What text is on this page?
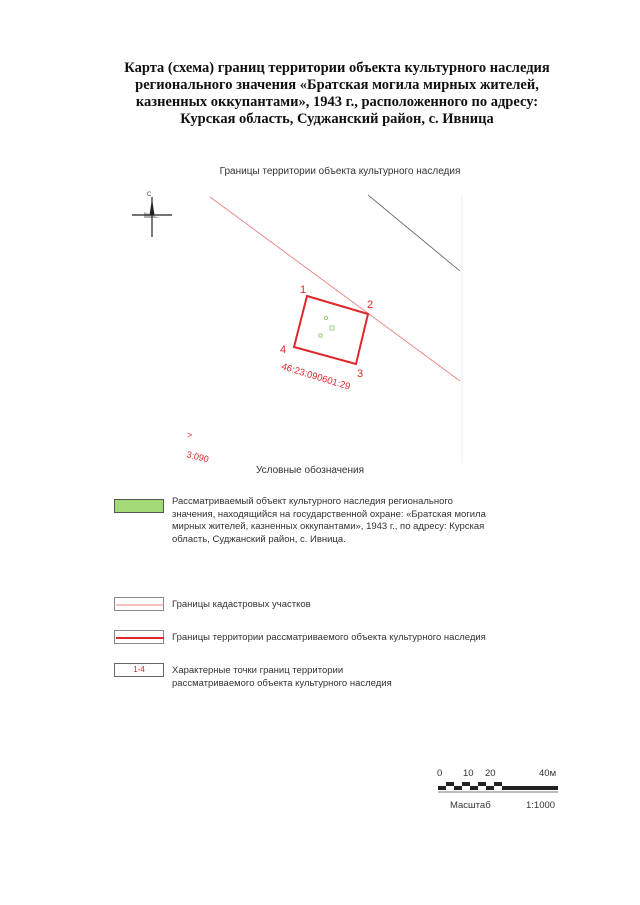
Карта (схема) границ территории объекта культурного наследия
регионального значения «Братская могила мирных жителей,
казненных оккупантами», 1943 г., расположенного по адресу:
Курская область, Суджанский район, с. Ивница
Границы территории объекта культурного наследия
С
1
2
3
4
46:23:090601:29
>
3:090
Условные обозначения
Рассматриваемый объект культурного наследия регионального
значения, находящийся на государственной охране: «Братская могила
мирных жителей, казненных оккупантами», 1943 г., по адресу: Курская
область, Суджанский район, с. Ивница.
Границы кадастровых участков
Границы территории рассматриваемого объекта культурного наследия
1-4	Характерные точки границ территории
рассматриваемого объекта культурного наследия
0 10 20	40м
Масштаб	1:1000
